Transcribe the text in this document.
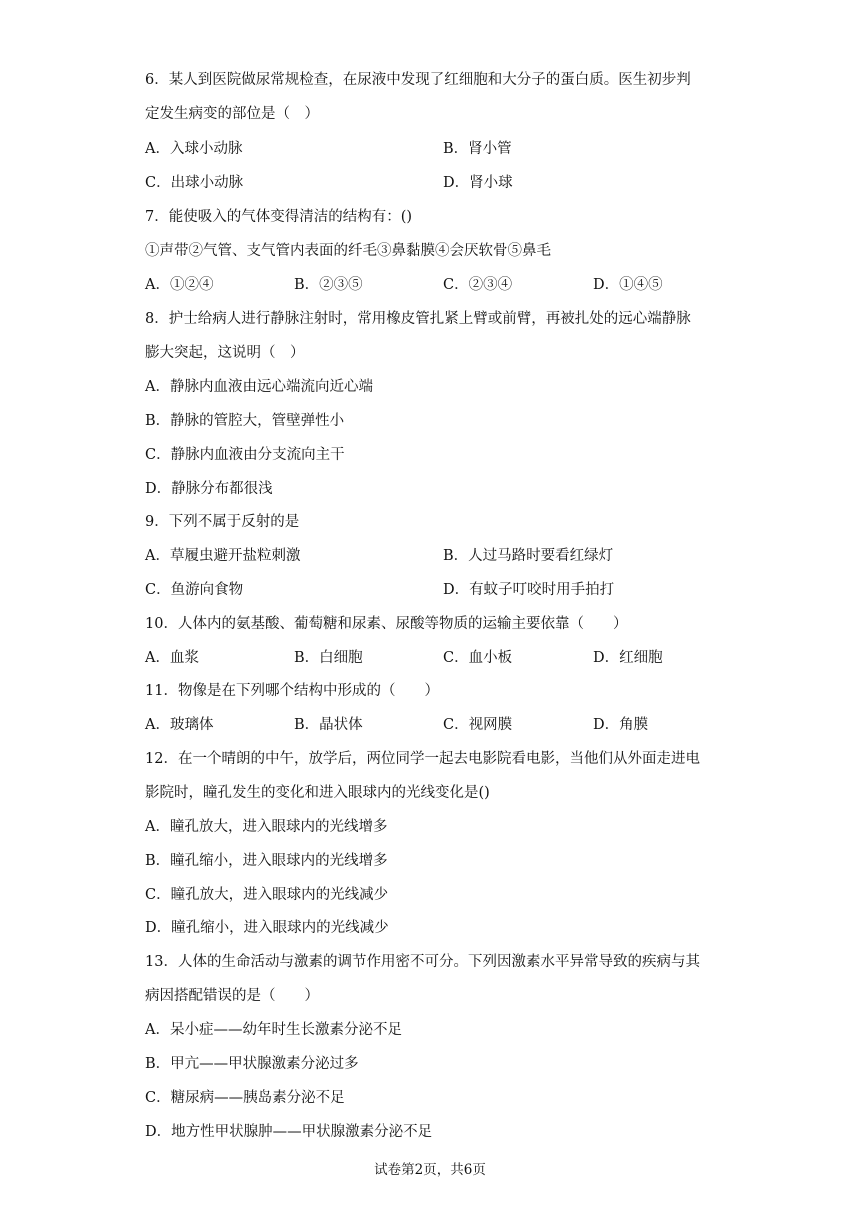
6．某人到医院做尿常规检查，在尿液中发现了红细胞和大分子的蛋白质。医生初步判
定发生病变的部位是（　）
A．入球小动脉	B．肾小管
C．出球小动脉	D．肾小球
7．能使吸入的气体变得清洁的结构有：()
①声带②气管、支气管内表面的纤毛③鼻黏膜④会厌软骨⑤鼻毛
A．①②④	B．②③⑤	C．②③④	D．①④⑤
8．护士给病人进行静脉注射时，常用橡皮管扎紧上臂或前臂，再被扎处的远心端静脉
膨大突起，这说明（　）
A．静脉内血液由远心端流向近心端
B．静脉的管腔大，管壁弹性小
C．静脉内血液由分支流向主干
D．静脉分布都很浅
9．下列不属于反射的是
A．草履虫避开盐粒刺激	B．人过马路时要看红绿灯
C．鱼游向食物	D．有蚊子叮咬时用手拍打
10．人体内的氨基酸、葡萄糖和尿素、尿酸等物质的运输主要依靠（　　）
A．血浆	B．白细胞	C．血小板	D．红细胞
11．物像是在下列哪个结构中形成的（　　）
A．玻璃体	B．晶状体	C．视网膜	D．角膜
12．在一个晴朗的中午，放学后，两位同学一起去电影院看电影，当他们从外面走进电
影院时，瞳孔发生的变化和进入眼球内的光线变化是()
A．瞳孔放大，进入眼球内的光线增多
B．瞳孔缩小，进入眼球内的光线增多
C．瞳孔放大，进入眼球内的光线减少
D．瞳孔缩小，进入眼球内的光线减少
13．人体的生命活动与激素的调节作用密不可分。下列因激素水平异常导致的疾病与其
病因搭配错误的是（　　）
A．呆小症——幼年时生长激素分泌不足
B．甲亢——甲状腺激素分泌过多
C．糖尿病——胰岛素分泌不足
D．地方性甲状腺肿——甲状腺激素分泌不足
试卷第2页，共6页
